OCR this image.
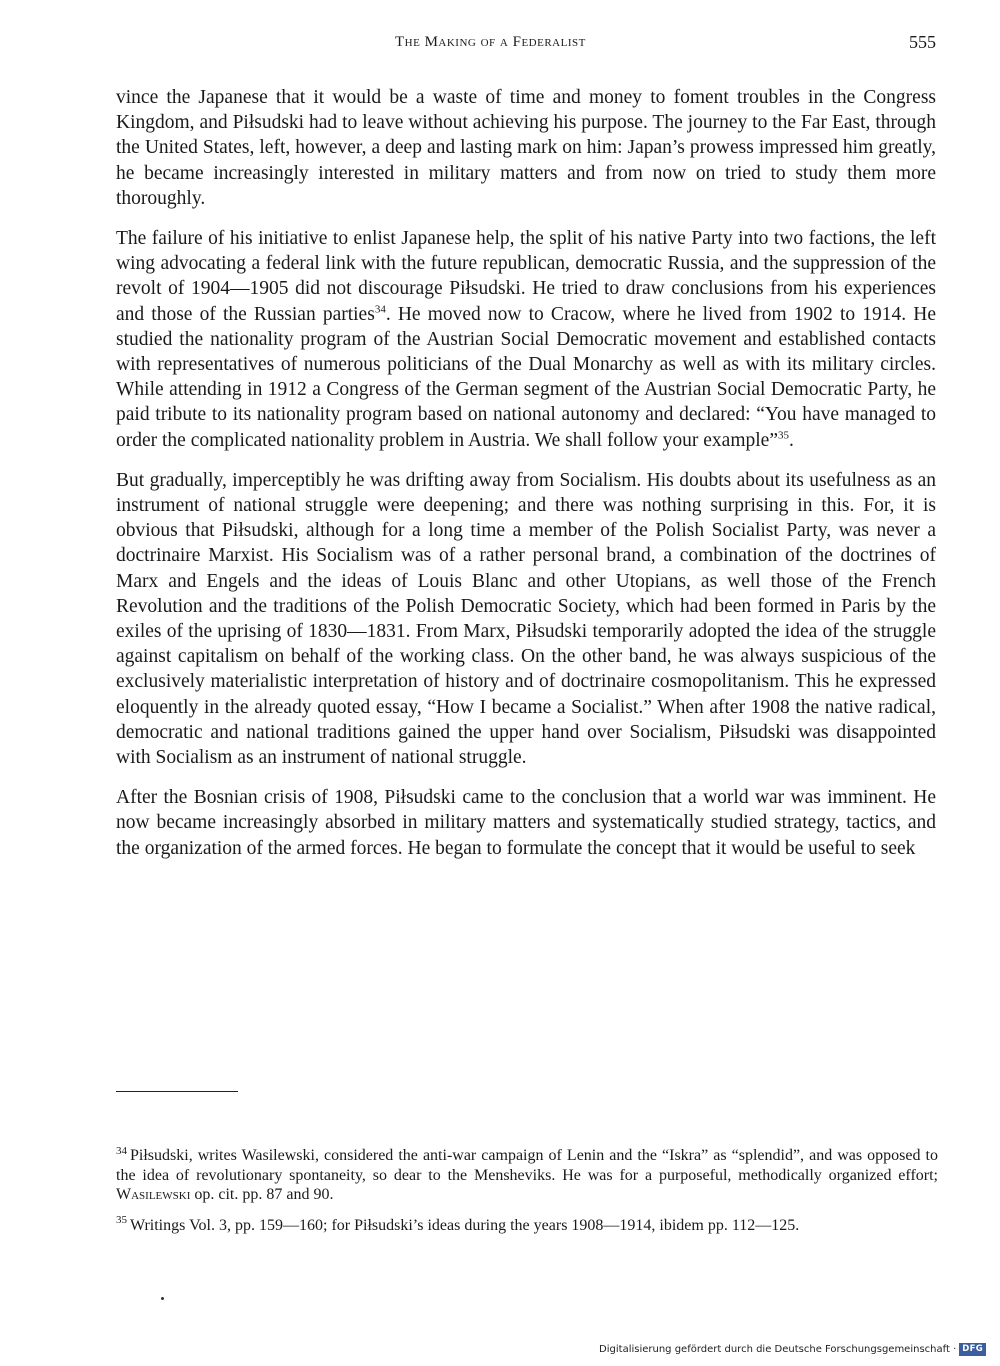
The Making of a Federalist	555

vince the Japanese that it would be a waste of time and money to foment troubles in the Congress Kingdom, and Piłsudski had to leave without achieving his purpose. The journey to the Far East, through the United States, left, however, a deep and lasting mark on him: Japan’s prowess impressed him greatly, he became increasingly interested in military matters and from now on tried to study them more thoroughly.

The failure of his initiative to enlist Japanese help, the split of his native Party into two factions, the left wing advocating a federal link with the future republican, democratic Russia, and the suppression of the revolt of 1904—1905 did not discourage Piłsudski. He tried to draw conclusions from his experiences and those of the Russian parties$^{34}$. He moved now to Cracow, where he lived from 1902 to 1914. He studied the nationality program of the Austrian Social Democratic movement and established contacts with representatives of numerous politicians of the Dual Monarchy as well as with its military circles. While attending in 1912 a Congress of the German segment of the Austrian Social Democratic Party, he paid tribute to its nationality program based on national autonomy and declared: “You have managed to order the complicated nationality problem in Austria. We shall follow your example”$^{35}$.

But gradually, imperceptibly he was drifting away from Socialism. His doubts about its usefulness as an instrument of national struggle were deepening; and there was nothing surprising in this. For, it is obvious that Piłsudski, although for a long time a member of the Polish Socialist Party, was never a doctrinaire Marxist. His Socialism was of a rather personal brand, a combination of the doctrines of Marx and Engels and the ideas of Louis Blanc and other Utopians, as well those of the French Revolution and the traditions of the Polish Democratic Society, which had been formed in Paris by the exiles of the uprising of 1830—1831. From Marx, Piłsudski temporarily adopted the idea of the struggle against capitalism on behalf of the working class. On the other band, he was always suspicious of the exclusively materialistic interpretation of history and of doctrinaire cosmopolitanism. This he expressed eloquently in the already quoted essay, “How I became a Socialist.” When after 1908 the native radical, democratic and national traditions gained the upper hand over Socialism, Piłsudski was disappointed with Socialism as an instrument of national struggle.

After the Bosnian crisis of 1908, Piłsudski came to the conclusion that a world war was imminent. He now became increasingly absorbed in military matters and systematically studied strategy, tactics, and the organization of the armed forces. He began to formulate the concept that it would be useful to seek

$^{34}$ Piłsudski, writes Wasilewski, considered the anti-war campaign of Lenin and the “Iskra” as “splendid”, and was opposed to the idea of revolutionary spontaneity, so dear to the Mensheviks. He was for a purposeful, methodically organized effort; Wasilewski op. cit. pp. 87 and 90.

$^{35}$ Writings Vol. 3, pp. 159—160; for Piłsudski’s ideas during the years 1908—1914, ibidem pp. 112—125.

Digitalisierung gefördert durch die Deutsche Forschungsgemeinschaft · DFG
